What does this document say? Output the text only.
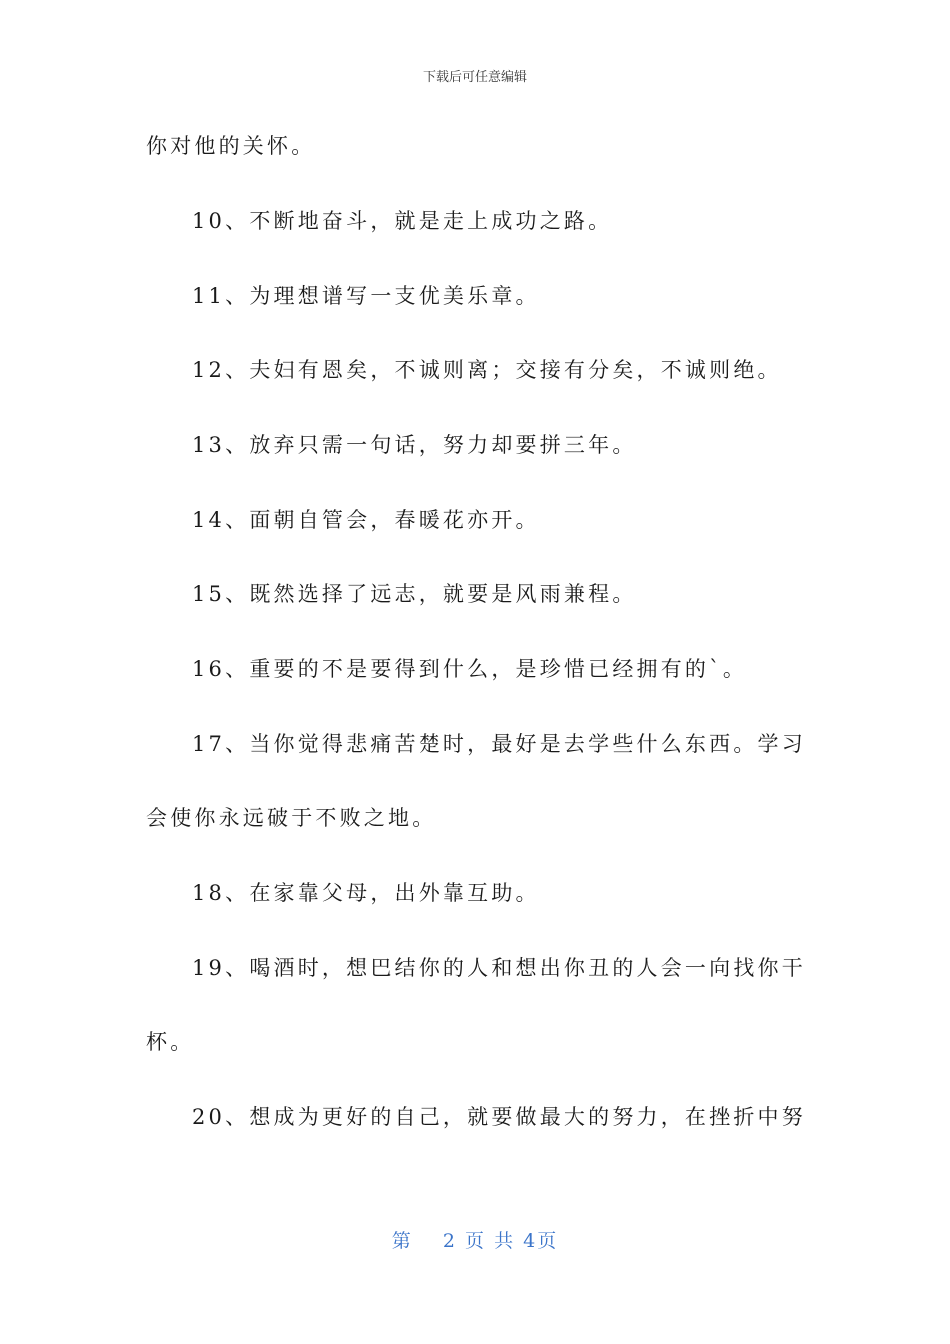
下载后可任意编辑
你对他的关怀。
10、不断地奋斗，就是走上成功之路。
11、为理想谱写一支优美乐章。
12、夫妇有恩矣，不诚则离；交接有分矣，不诚则绝。
13、放弃只需一句话，努力却要拼三年。
14、面朝自管会，春暖花亦开。
15、既然选择了远志，就要是风雨兼程。
16、重要的不是要得到什么，是珍惜已经拥有的`。
17、当你觉得悲痛苦楚时，最好是去学些什么东西。学习
会使你永远破于不败之地。
18、在家靠父母，出外靠互助。
19、喝酒时，想巴结你的人和想出你丑的人会一向找你干
杯。
20、想成为更好的自己，就要做最大的努力，在挫折中努
第 2 页 共 4页
